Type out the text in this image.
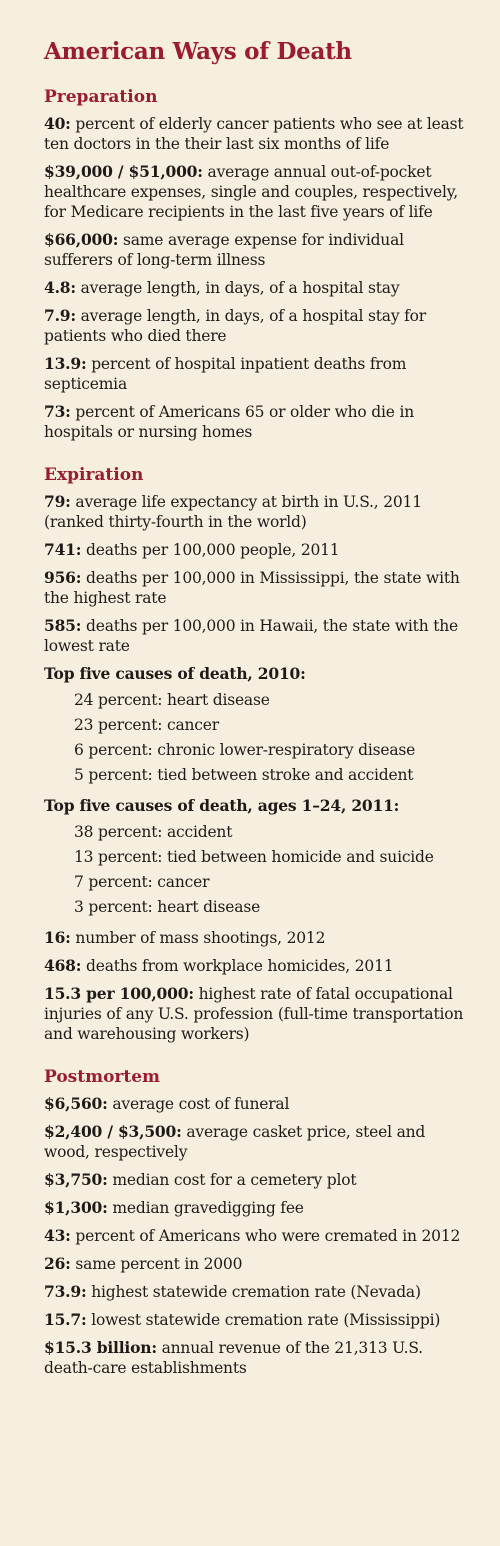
American Ways of Death
Preparation
40: percent of elderly cancer patients who see at least ten doctors in the their last six months of life
$39,000 / $51,000: average annual out-of-pocket healthcare expenses, single and couples, respectively, for Medicare recipients in the last five years of life
$66,000: same average expense for individual sufferers of long-term illness
4.8: average length, in days, of a hospital stay
7.9: average length, in days, of a hospital stay for patients who died there
13.9: percent of hospital inpatient deaths from septicemia
73: percent of Americans 65 or older who die in hospitals or nursing homes
Expiration
79: average life expectancy at birth in U.S., 2011 (ranked thirty-fourth in the world)
741: deaths per 100,000 people, 2011
956: deaths per 100,000 in Mississippi, the state with the highest rate
585: deaths per 100,000 in Hawaii, the state with the lowest rate
Top five causes of death, 2010:
24 percent: heart disease
23 percent: cancer
6 percent: chronic lower-respiratory disease
5 percent: tied between stroke and accident
Top five causes of death, ages 1–24, 2011:
38 percent: accident
13 percent: tied between homicide and suicide
7 percent: cancer
3 percent: heart disease
16: number of mass shootings, 2012
468: deaths from workplace homicides, 2011
15.3 per 100,000: highest rate of fatal occupational injuries of any U.S. profession (full-time transportation and warehousing workers)
Postmortem
$6,560: average cost of funeral
$2,400 / $3,500: average casket price, steel and wood, respectively
$3,750: median cost for a cemetery plot
$1,300: median gravedigging fee
43: percent of Americans who were cremated in 2012
26: same percent in 2000
73.9: highest statewide cremation rate (Nevada)
15.7: lowest statewide cremation rate (Mississippi)
$15.3 billion: annual revenue of the 21,313 U.S. death-care establishments
